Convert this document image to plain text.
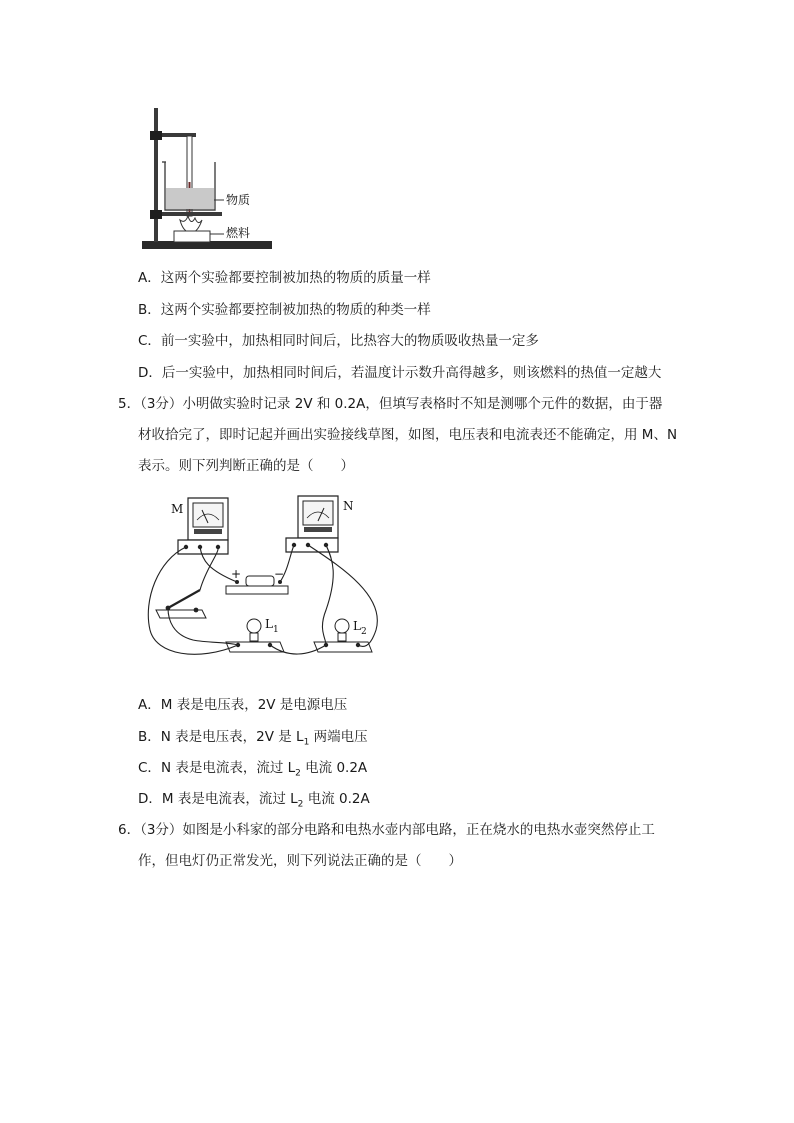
物质
燃料
A．这两个实验都要控制被加热的物质的质量一样
B．这两个实验都要控制被加热的物质的种类一样
C．前一实验中，加热相同时间后，比热容大的物质吸收热量一定多
D．后一实验中，加热相同时间后，若温度计示数升高得越多，则该燃料的热值一定越大
5．（3分）小明做实验时记录 2V 和 0.2A，但填写表格时不知是测哪个元件的数据，由于器
材收拾完了，即时记起并画出实验接线草图，如图，电压表和电流表还不能确定，用 M、N
表示。则下列判断正确的是（　　）
M	N
+	−
$L_1$	$L_2$
A．M 表是电压表，2V 是电源电压
B．N 表是电压表，2V 是 $L_1$ 两端电压
C．N 表是电流表，流过 $L_2$ 电流 0.2A
D．M 表是电流表，流过 $L_2$ 电流 0.2A
6．（3分）如图是小科家的部分电路和电热水壶内部电路，正在烧水的电热水壶突然停止工
作，但电灯仍正常发光，则下列说法正确的是（　　）
